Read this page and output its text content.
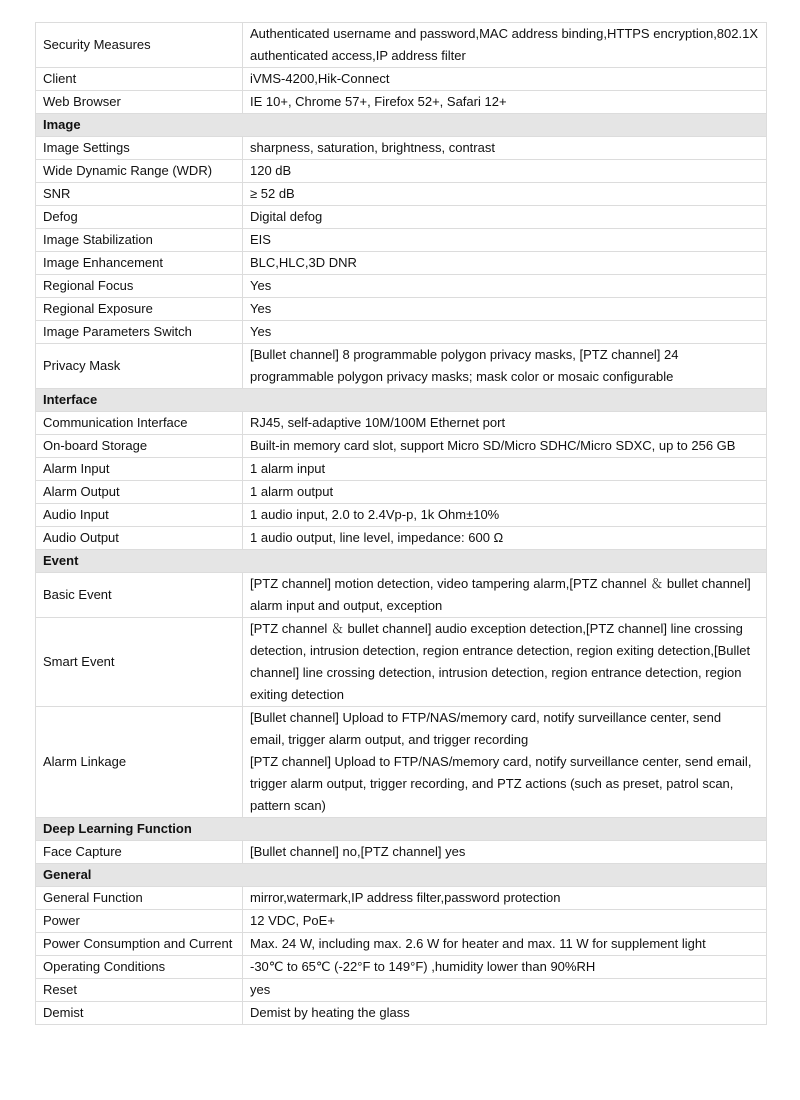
Security Measures	Authenticated username and password,MAC address binding,HTTPS encryption,802.1X authenticated access,IP address filter

Client	iVMS-4200,Hik-Connect

Web Browser	IE 10+, Chrome 57+, Firefox 52+, Safari 12+

Image	
Image Settings	sharpness, saturation, brightness, contrast

Wide Dynamic Range (WDR)	120 dB

SNR	≥ 52 dB

Defog	Digital defog

Image Stabilization	EIS

Image Enhancement	BLC,HLC,3D DNR

Regional Focus	Yes

Regional Exposure	Yes

Image Parameters Switch	Yes

Privacy Mask	[Bullet channel] 8 programmable polygon privacy masks, [PTZ channel] 24 programmable polygon privacy masks; mask color or mosaic configurable

Interface	
Communication Interface	RJ45, self-adaptive 10M/100M Ethernet port

On-board Storage	Built-in memory card slot, support Micro SD/Micro SDHC/Micro SDXC, up to 256 GB

Alarm Input	1 alarm input

Alarm Output	1 alarm output

Audio Input	1 audio input, 2.0 to 2.4Vp-p, 1k Ohm±10%

Audio Output	1 audio output, line level, impedance: 600 Ω

Event	
Basic Event	[PTZ channel] motion detection, video tampering alarm,[PTZ channel ＆ bullet channel] alarm input and output, exception

Smart Event	[PTZ channel ＆ bullet channel] audio exception detection,[PTZ channel] line crossing detection, intrusion detection, region entrance detection, region exiting detection,[Bullet channel] line crossing detection, intrusion detection, region entrance detection, region exiting detection

Alarm Linkage	[Bullet channel] Upload to FTP/NAS/memory card, notify surveillance center, send email, trigger alarm output, and trigger recording
[PTZ channel] Upload to FTP/NAS/memory card, notify surveillance center, send email, trigger alarm output, trigger recording, and PTZ actions (such as preset, patrol scan, pattern scan)

Deep Learning Function	
Face Capture	[Bullet channel] no,[PTZ channel] yes

General	
General Function	mirror,watermark,IP address filter,password protection

Power	12 VDC, PoE+

Power Consumption and Current	Max. 24 W, including max. 2.6 W for heater and max. 11 W for supplement light

Operating Conditions	-30℃ to 65℃ (-22°F to 149°F) ,humidity lower than 90%RH

Reset	yes

Demist	Demist by heating the glass
